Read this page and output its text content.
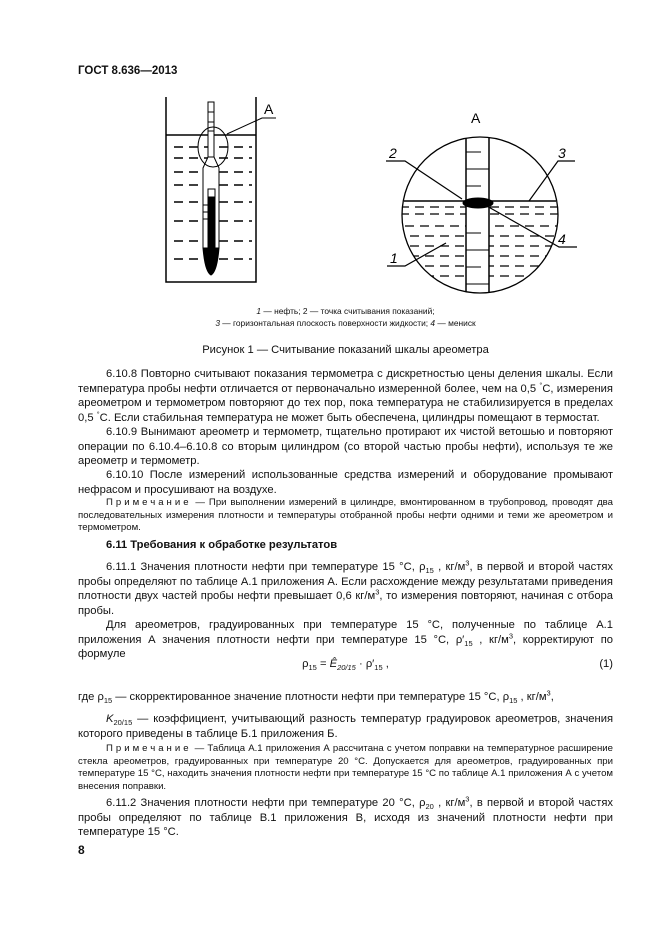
ГОСТ 8.636—2013
A
A
2	3
4
1
1 — нефть; 2 — точка считывания показаний;
3 — горизонтальная плоскость поверхности жидкости; 4 — мениск
Рисунок 1 — Считывание показаний шкалы ареометра
6.10.8 Повторно считывают показания термометра с дискретностью цены деления шкалы. Если температура пробы нефти отличается от первоначально измеренной более, чем на 0,5 °С, измерения ареометром и термометром повторяют до тех пор, пока температура не стабилизируется в пределах 0,5 °С. Если стабильная температура не может быть обеспечена, цилиндры помещают в термостат.
6.10.9 Вынимают ареометр и термометр, тщательно протирают их чистой ветошью и повторяют операции по 6.10.4–6.10.8 со вторым цилиндром (со второй частью пробы нефти), используя те же ареометр и термометр.
6.10.10 После измерений использованные средства измерений и оборудование промывают нефрасом и просушивают на воздухе.
Примечание — При выполнении измерений в цилиндре, вмонтированном в трубопровод, проводят два последовательных измерения плотности и температуры отобранной пробы нефти одними и теми же ареометром и термометром.
6.11 Требования к обработке результатов
6.11.1 Значения плотности нефти при температуре 15 °С, $\rho_{15}$ , $кг/м^3$, в первой и второй частях пробы определяют по таблице А.1 приложения А. Если расхождение между результатами приведения плотности двух частей пробы нефти превышает 0,6 $кг/м^3$, то измерения повторяют, начиная с отбора пробы.
Для ареометров, градуированных при температуре 15 °С, полученные по таблице А.1 приложения А значения плотности нефти при температуре 15 °С, $\rho'_{15}$ , $кг/м^3$, корректируют по формуле
$\rho_{15}$ = $Ê_{20/15} \cdot \rho'_{15}$ ,	(1)
где $\rho_{15}$ — скорректированное значение плотности нефти при температуре 15 °С, $\rho_{15}$ , $кг/м^3$,
$K_{20/15}$ — коэффициент, учитывающий разность температур градуировок ареометров, значения которого приведены в таблице Б.1 приложения Б.
Примечание — Таблица А.1 приложения А рассчитана с учетом поправки на температурное расширение стекла ареометров, градуированных при температуре 20 °С. Допускается для ареометров, градуированных при температуре 15 °С, находить значения плотности нефти при температуре 15 °С по таблице А.1 приложения А с учетом внесения поправки.
6.11.2 Значения плотности нефти при температуре 20 °С, $\rho_{20}$ , $кг/м^3$, в первой и второй частях пробы определяют по таблице В.1 приложения В, исходя из значений плотности нефти при температуре 15 °С.
8
